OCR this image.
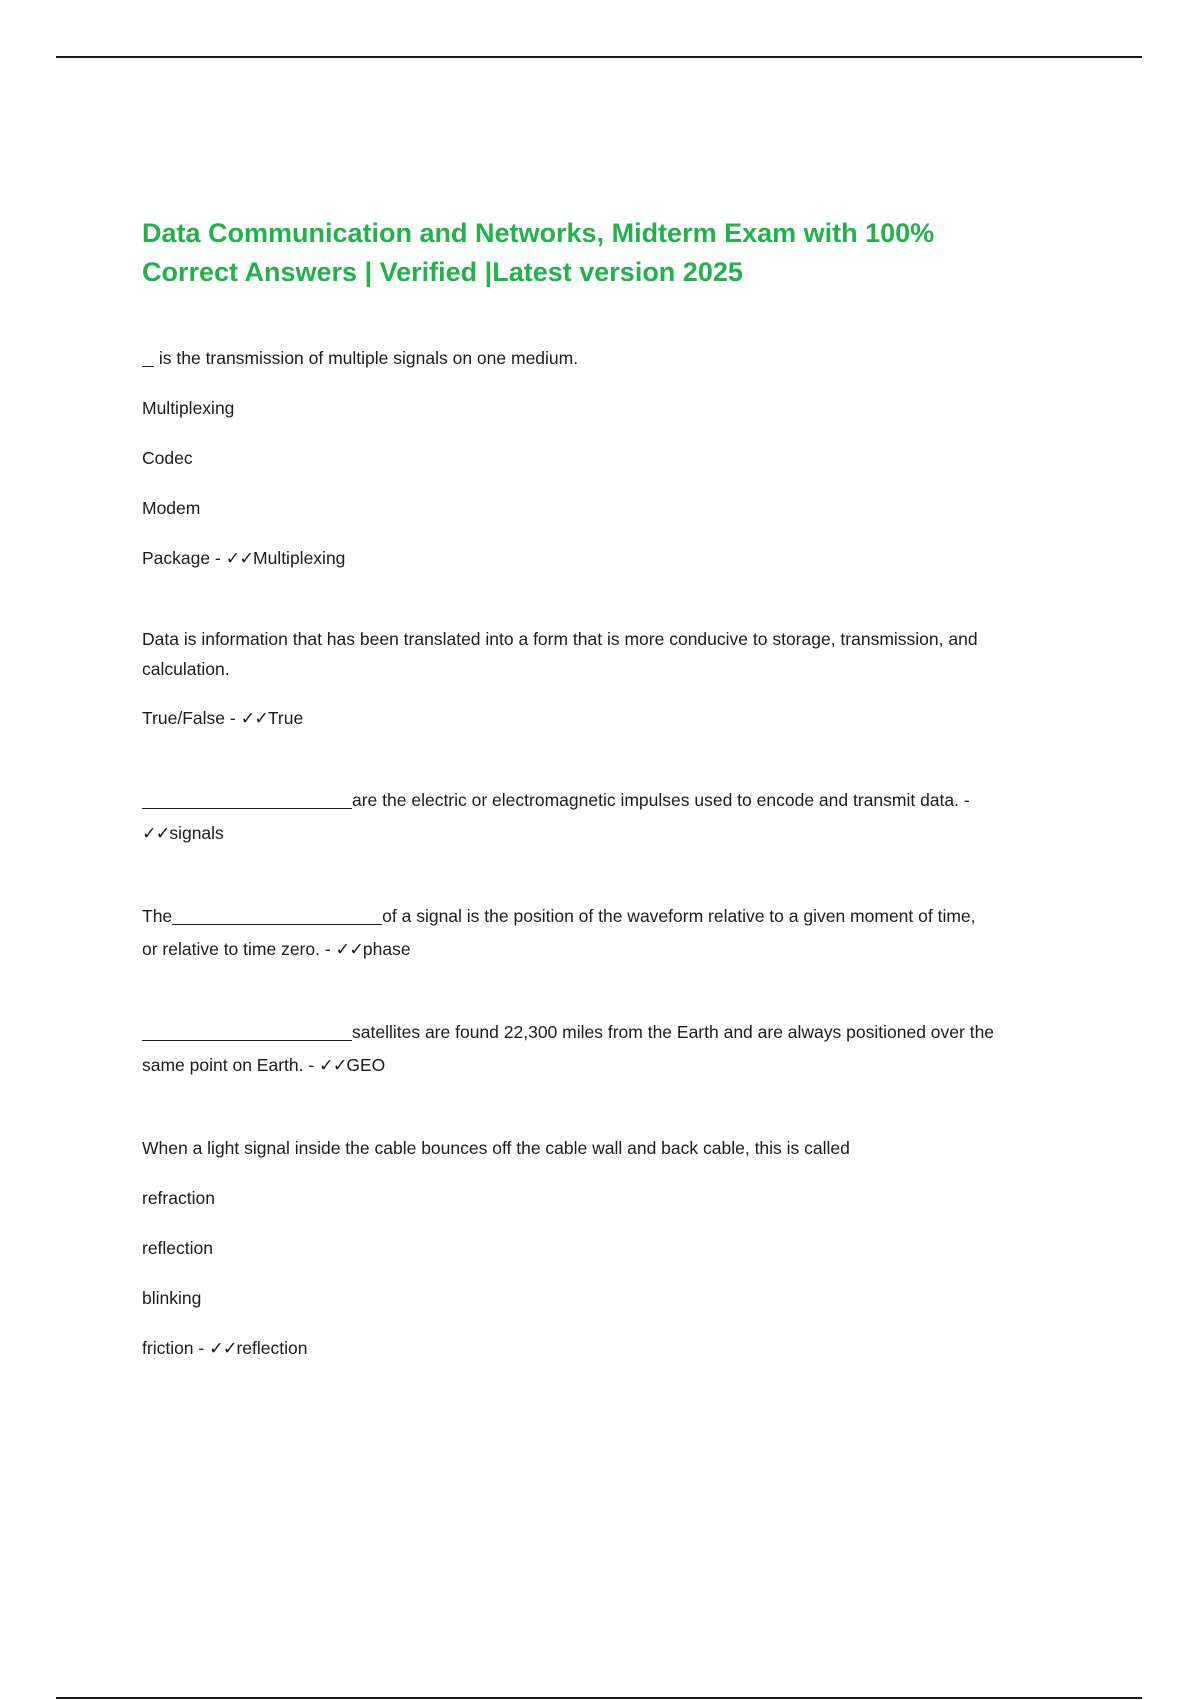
Data Communication and Networks, Midterm Exam with 100%
Correct Answers | Verified |Latest version 2025
is the transmission of multiple signals on one medium.
Multiplexing
Codec
Modem
Package - ✓✓Multiplexing
Data is information that has been translated into a form that is more conducive to storage, transmission, and
calculation.
True/False - ✓✓True
are the electric or electromagnetic impulses used to encode and transmit data. -
✓✓signals
The	of a signal is the position of the waveform relative to a given moment of time,
or relative to time zero. - ✓✓phase
satellites are found 22,300 miles from the Earth and are always positioned over the
same point on Earth. - ✓✓GEO
When a light signal inside the cable bounces off the cable wall and back cable, this is called
refraction
reflection
blinking
friction - ✓✓reflection
